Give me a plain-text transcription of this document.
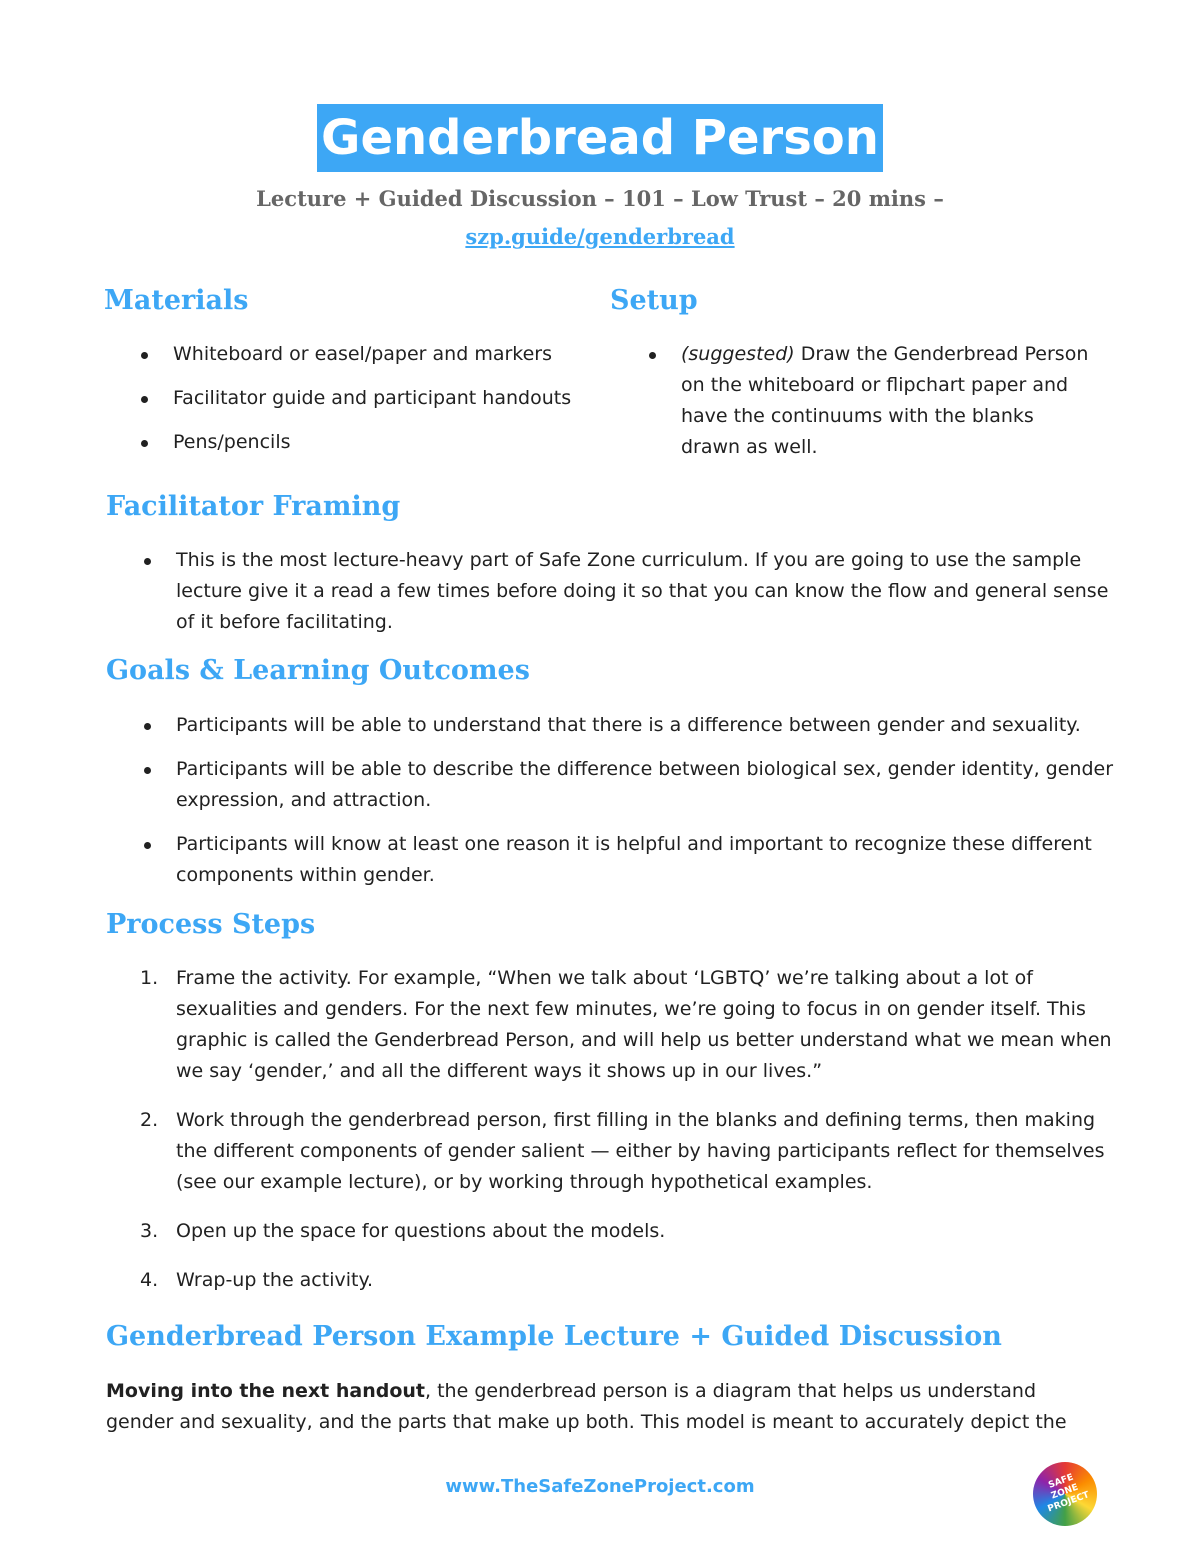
Genderbread Person
Lecture + Guided Discussion – 101 – Low Trust – 20 mins –
szp.guide/genderbread
Materials
Whiteboard or easel/paper and markers
Facilitator guide and participant handouts
Pens/pencils
Setup
(suggested) Draw the Genderbread Person on the whiteboard or flipchart paper and have the continuums with the blanks drawn as well.
Facilitator Framing
This is the most lecture-heavy part of Safe Zone curriculum. If you are going to use the sample lecture give it a read a few times before doing it so that you can know the flow and general sense of it before facilitating.
Goals & Learning Outcomes
Participants will be able to understand that there is a difference between gender and sexuality.
Participants will be able to describe the difference between biological sex, gender identity, gender expression, and attraction.
Participants will know at least one reason it is helpful and important to recognize these different components within gender.
Process Steps
1. Frame the activity. For example, “When we talk about ‘LGBTQ’ we’re talking about a lot of sexualities and genders. For the next few minutes, we’re going to focus in on gender itself. This graphic is called the Genderbread Person, and will help us better understand what we mean when we say ‘gender,’ and all the different ways it shows up in our lives.”
2. Work through the genderbread person, first filling in the blanks and defining terms, then making the different components of gender salient — either by having participants reflect for themselves (see our example lecture), or by working through hypothetical examples.
3. Open up the space for questions about the models.
4. Wrap-up the activity.
Genderbread Person Example Lecture + Guided Discussion

Moving into the next handout, the genderbread person is a diagram that helps us understand gender and sexuality, and the parts that make up both. This model is meant to accurately depict the

www.TheSafeZoneProject.com	SAFE ZONE PROJECT
